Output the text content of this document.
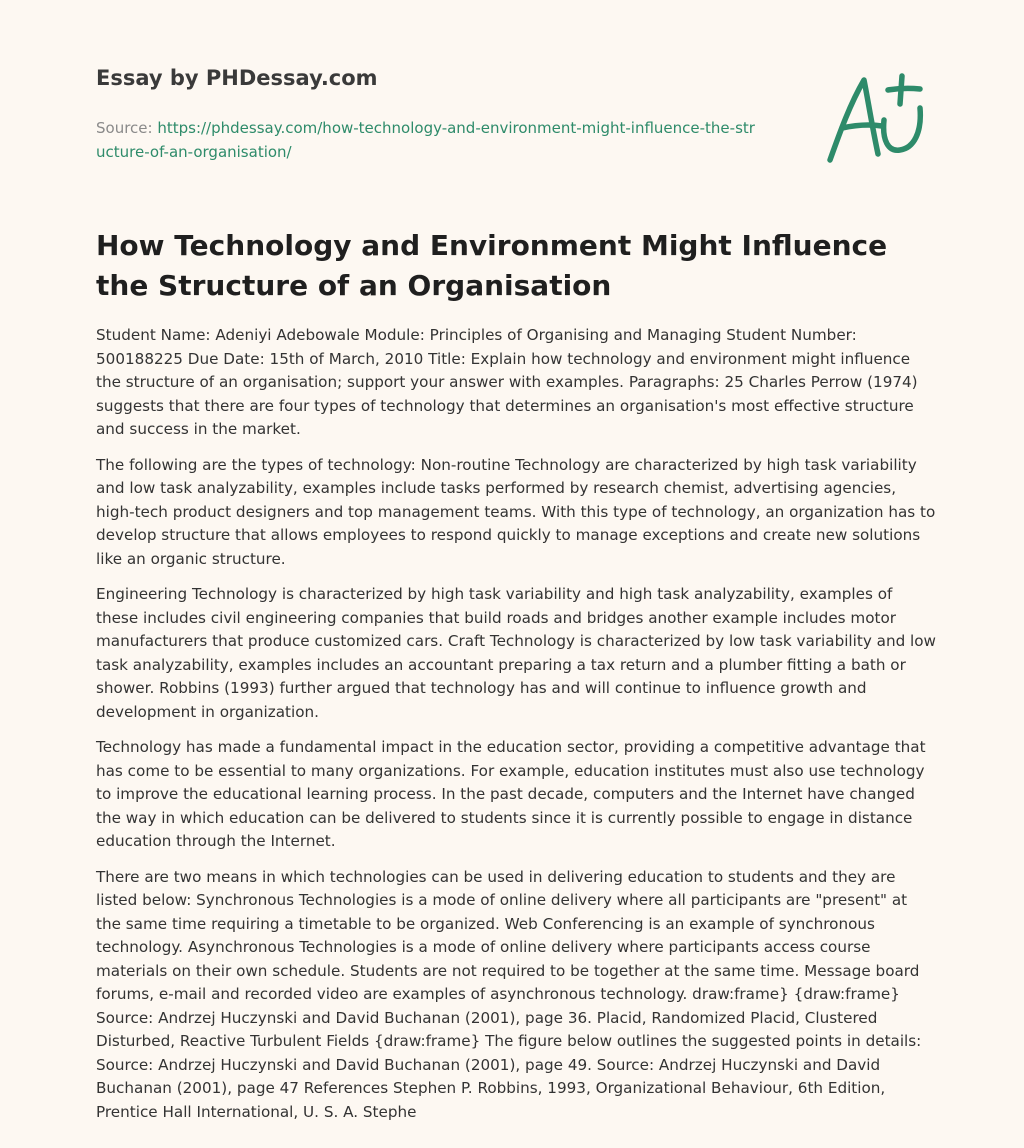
Essay by PHDessay.com
Source: https://phdessay.com/how-technology-and-environment-might-influence-the-structure-of-an-organisation/
How Technology and Environment Might Influence the Structure of an Organisation

Student Name: Adeniyi Adebowale Module: Principles of Organising and Managing Student Number: 500188225 Due Date: 15th of March, 2010 Title: Explain how technology and environment might influence the structure of an organisation; support your answer with examples. Paragraphs: 25 Charles Perrow (1974) suggests that there are four types of technology that determines an organisation's most effective structure and success in the market.

The following are the types of technology: Non-routine Technology are characterized by high task variability and low task analyzability, examples include tasks performed by research chemist, advertising agencies, high-tech product designers and top management teams. With this type of technology, an organization has to develop structure that allows employees to respond quickly to manage exceptions and create new solutions like an organic structure.

Engineering Technology is characterized by high task variability and high task analyzability, examples of these includes civil engineering companies that build roads and bridges another example includes motor manufacturers that produce customized cars. Craft Technology is characterized by low task variability and low task analyzability, examples includes an accountant preparing a tax return and a plumber fitting a bath or shower. Robbins (1993) further argued that technology has and will continue to influence growth and development in organization.

Technology has made a fundamental impact in the education sector, providing a competitive advantage that has come to be essential to many organizations. For example, education institutes must also use technology to improve the educational learning process. In the past decade, computers and the Internet have changed the way in which education can be delivered to students since it is currently possible to engage in distance education through the Internet.

There are two means in which technologies can be used in delivering education to students and they are listed below: Synchronous Technologies is a mode of online delivery where all participants are "present" at the same time requiring a timetable to be organized. Web Conferencing is an example of synchronous technology. Asynchronous Technologies is a mode of online delivery where participants access course materials on their own schedule. Students are not required to be together at the same time. Message board forums, e-mail and recorded video are examples of asynchronous technology. draw:frame} {draw:frame} Source: Andrzej Huczynski and David Buchanan (2001), page 36. Placid, Randomized Placid, Clustered Disturbed, Reactive Turbulent Fields {draw:frame} The figure below outlines the suggested points in details: Source: Andrzej Huczynski and David Buchanan (2001), page 49. Source: Andrzej Huczynski and David Buchanan (2001), page 47 References Stephen P. Robbins, 1993, Organizational Behaviour, 6th Edition, Prentice Hall International, U. S. A. Stephe
